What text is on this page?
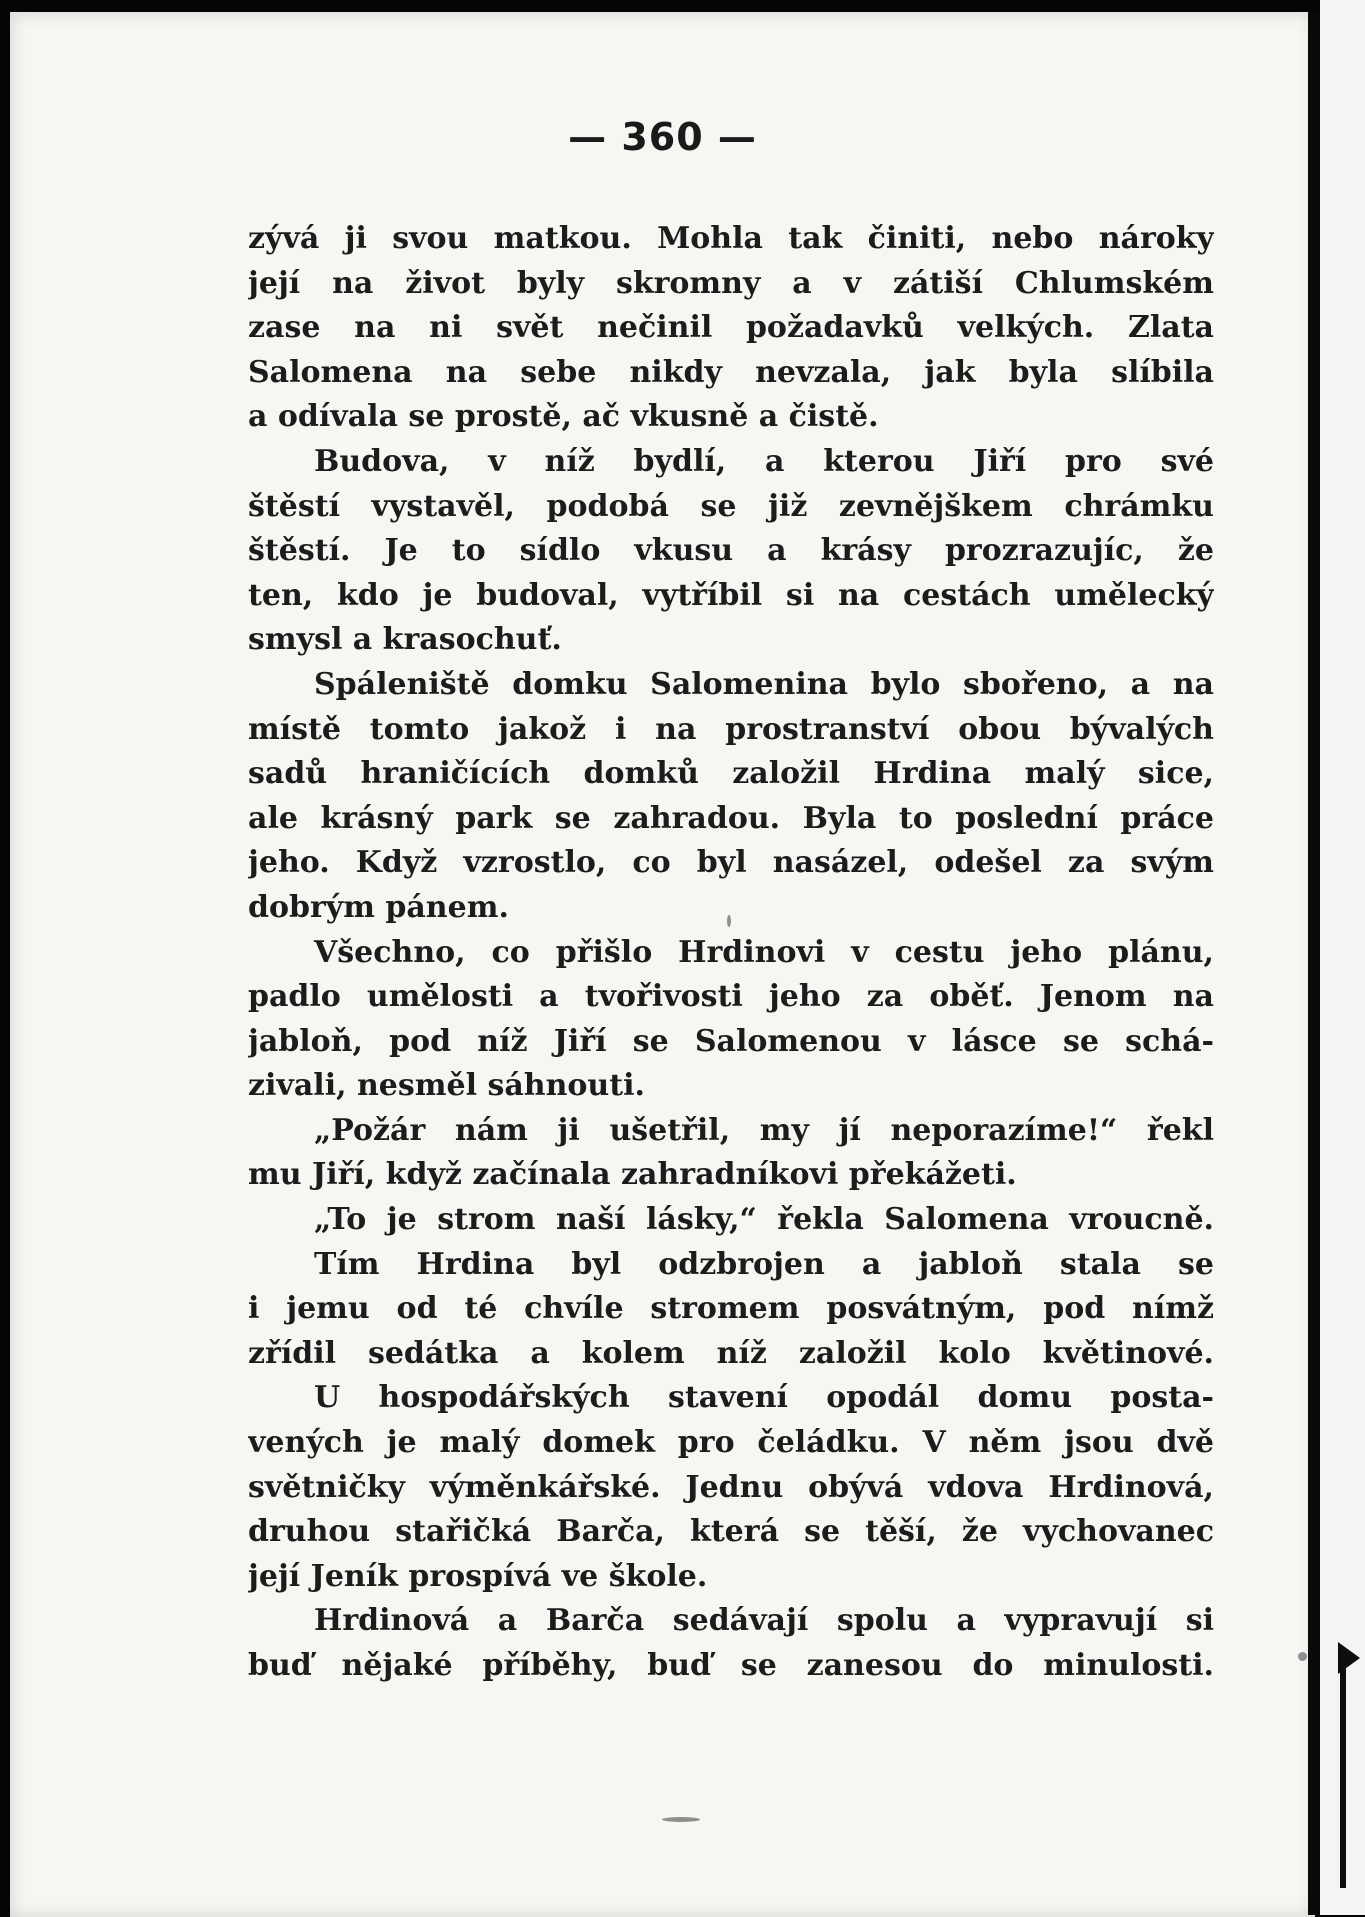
— 360 —
zývá ji svou matkou. Mohla tak činiti, nebo nároky
její na život byly skromny a v zátiší Chlumském
zase na ni svět nečinil požadavků velkých. Zlata
Salomena na sebe nikdy nevzala, jak byla slíbila
a odívala se prostě, ač vkusně a čistě.
Budova, v níž bydlí, a kterou Jiří pro své
štěstí vystavěl, podobá se již zevnějškem chrámku
štěstí. Je to sídlo vkusu a krásy prozrazujíc, že
ten, kdo je budoval, vytříbil si na cestách umělecký
smysl a krasochuť.
Spáleniště domku Salomenina bylo sbořeno, a na
místě tomto jakož i na prostranství obou bývalých
sadů hraničících domků založil Hrdina malý sice,
ale krásný park se zahradou. Byla to poslední práce
jeho. Když vzrostlo, co byl nasázel, odešel za svým
dobrým pánem.
Všechno, co přišlo Hrdinovi v cestu jeho plánu,
padlo umělosti a tvořivosti jeho za oběť. Jenom na
jabloň, pod níž Jiří se Salomenou v lásce se schá-
zivali, nesměl sáhnouti.
„Požár nám ji ušetřil, my jí neporazíme!“ řekl
mu Jiří, když začínala zahradníkovi překážeti.
„To je strom naší lásky,“ řekla Salomena vroucně.
Tím Hrdina byl odzbrojen a jabloň stala se
i jemu od té chvíle stromem posvátným, pod nímž
zřídil sedátka a kolem níž založil kolo květinové.
U hospodářských stavení opodál domu posta-
vených je malý domek pro čeládku. V něm jsou dvě
světničky výměnkářské. Jednu obývá vdova Hrdinová,
druhou stařičká Barča, která se těší, že vychovanec
její Jeník prospívá ve škole.
Hrdinová a Barča sedávají spolu a vypravují si
buď nějaké příběhy, buď se zanesou do minulosti.
